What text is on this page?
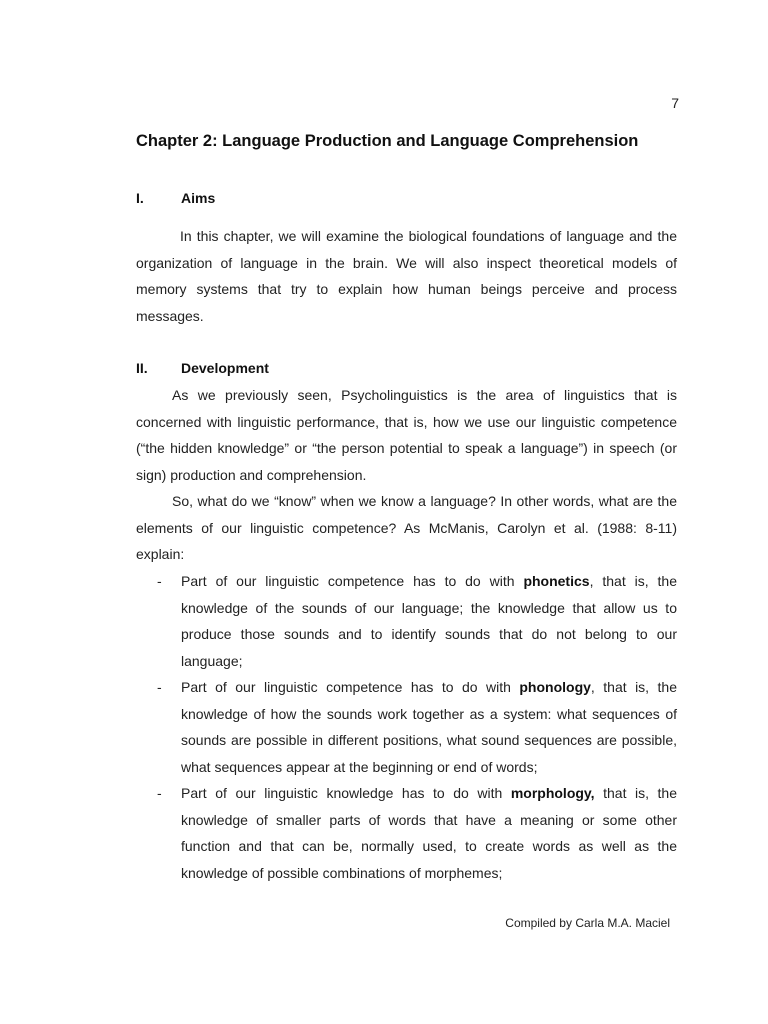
7
Chapter 2: Language Production and Language Comprehension
I.	Aims

In this chapter, we will examine the biological foundations of language and the organization of language in the brain. We will also inspect theoretical models of memory systems that try to explain how human beings perceive and process messages.

II. Development

As we previously seen, Psycholinguistics is the area of linguistics that is concerned with linguistic performance, that is, how we use our linguistic competence (“the hidden knowledge” or “the person potential to speak a language”) in speech (or sign) production and comprehension.

So, what do we “know” when we know a language? In other words, what are the elements of our linguistic competence? As McManis, Carolyn et al. (1988: 8-11) explain:

- Part of our linguistic competence has to do with phonetics, that is, the knowledge of the sounds of our language; the knowledge that allow us to produce those sounds and to identify sounds that do not belong to our language;
- Part of our linguistic competence has to do with phonology, that is, the knowledge of how the sounds work together as a system: what sequences of sounds are possible in different positions, what sound sequences are possible, what sequences appear at the beginning or end of words;
- Part of our linguistic knowledge has to do with morphology, that is, the knowledge of smaller parts of words that have a meaning or some other function and that can be, normally used, to create words as well as the knowledge of possible combinations of morphemes;
Compiled by Carla M.A. Maciel
